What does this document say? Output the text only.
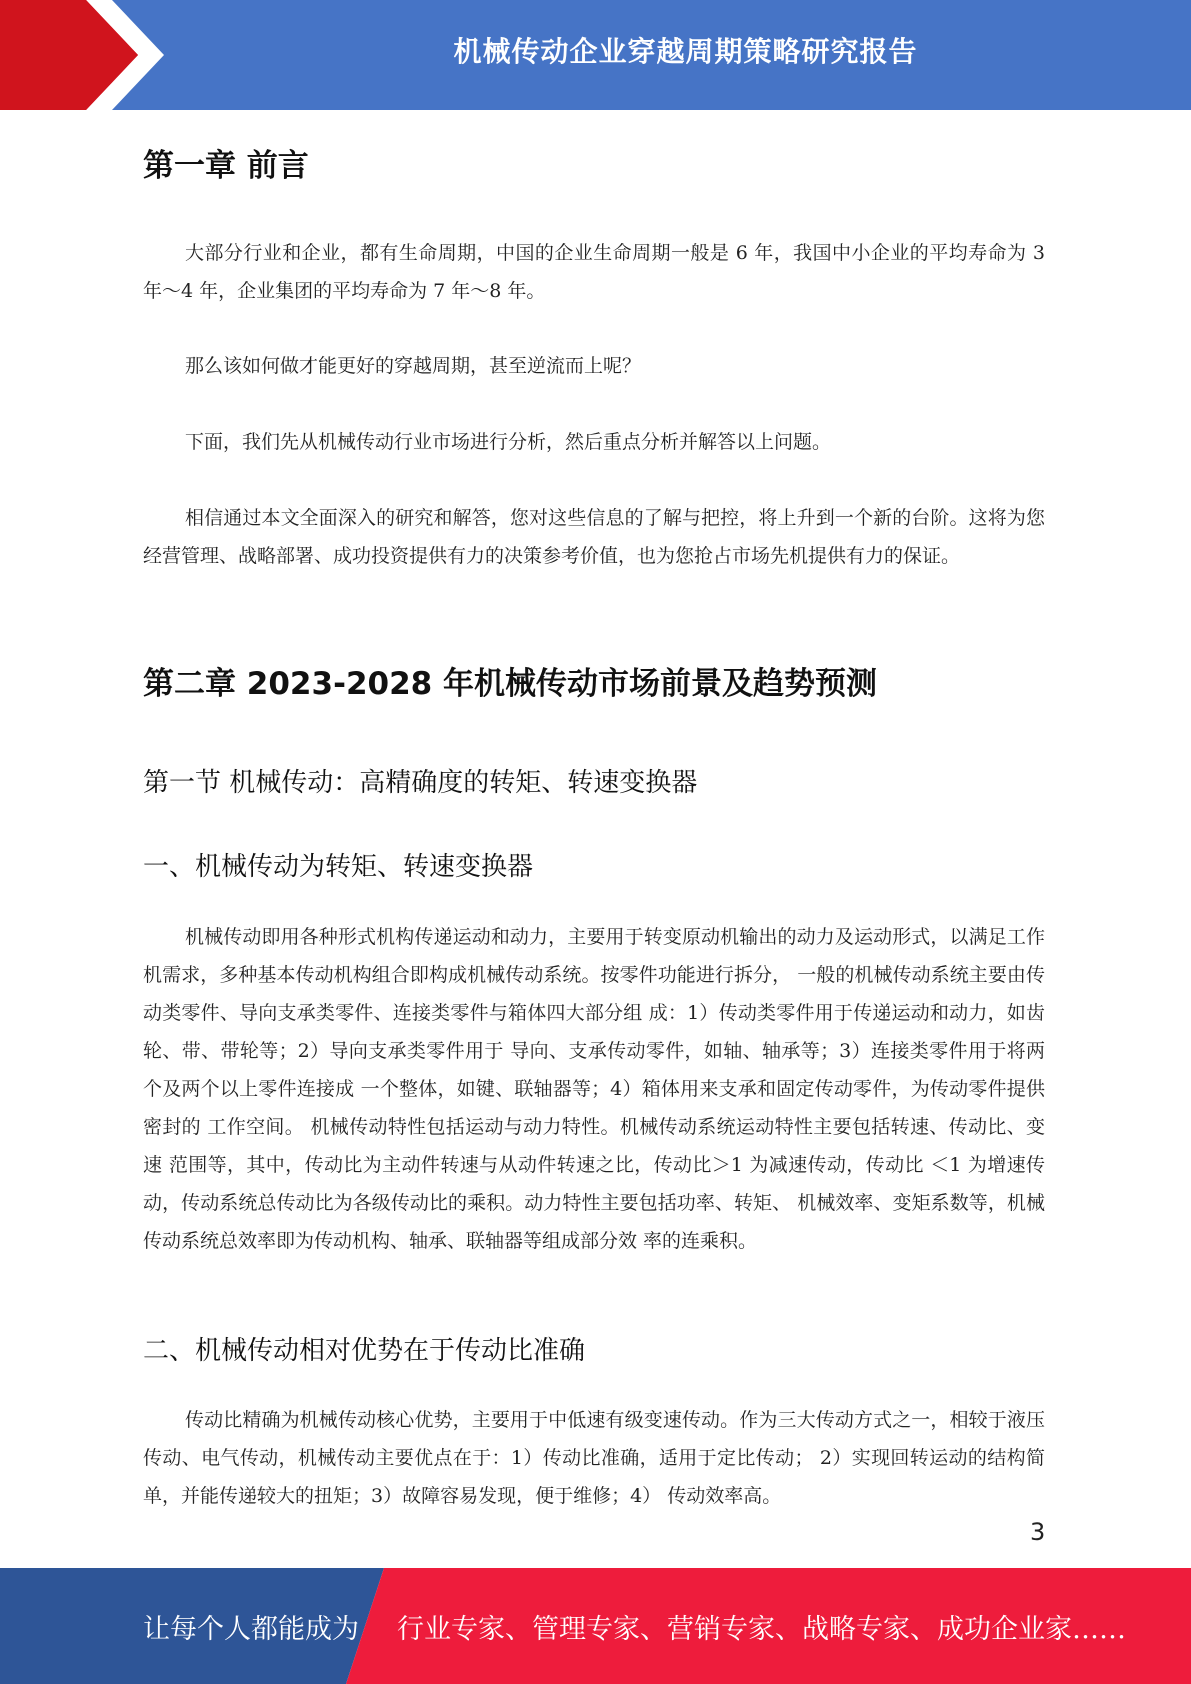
机械传动企业穿越周期策略研究报告
第一章 前言

大部分行业和企业，都有生命周期，中国的企业生命周期一般是 6 年，我国中小企业的平均寿命为 3 年～4 年，企业集团的平均寿命为 7 年～8 年。

那么该如何做才能更好的穿越周期，甚至逆流而上呢？

下面，我们先从机械传动行业市场进行分析，然后重点分析并解答以上问题。

相信通过本文全面深入的研究和解答，您对这些信息的了解与把控，将上升到一个新的台阶。这将为您经营管理、战略部署、成功投资提供有力的决策参考价值，也为您抢占市场先机提供有力的保证。

第二章 2023-2028 年机械传动市场前景及趋势预测
第一节 机械传动：高精确度的转矩、转速变换器
一、机械传动为转矩、转速变换器

机械传动即用各种形式机构传递运动和动力，主要用于转变原动机输出的动力及运动形式，以满足工作机需求，多种基本传动机构组合即构成机械传动系统。按零件功能进行拆分， 一般的机械传动系统主要由传动类零件、导向支承类零件、连接类零件与箱体四大部分组 成：1）传动类零件用于传递运动和动力，如齿轮、带、带轮等；2）导向支承类零件用于 导向、支承传动零件，如轴、轴承等；3）连接类零件用于将两个及两个以上零件连接成 一个整体，如键、联轴器等；4）箱体用来支承和固定传动零件，为传动零件提供密封的 工作空间。 机械传动特性包括运动与动力特性。机械传动系统运动特性主要包括转速、传动比、变速 范围等，其中，传动比为主动件转速与从动件转速之比，传动比＞1 为减速传动，传动比 ＜1 为增速传动，传动系统总传动比为各级传动比的乘积。动力特性主要包括功率、转矩、 机械效率、变矩系数等，机械传动系统总效率即为传动机构、轴承、联轴器等组成部分效 率的连乘积。

二、机械传动相对优势在于传动比准确

传动比精确为机械传动核心优势，主要用于中低速有级变速传动。作为三大传动方式之一，相较于液压传动、电气传动，机械传动主要优点在于：1）传动比准确，适用于定比传动； 2）实现回转运动的结构简单，并能传递较大的扭矩；3）故障容易发现，便于维修；4） 传动效率高。

3
让每个人都能成为 行业专家、管理专家、营销专家、战略专家、成功企业家……
